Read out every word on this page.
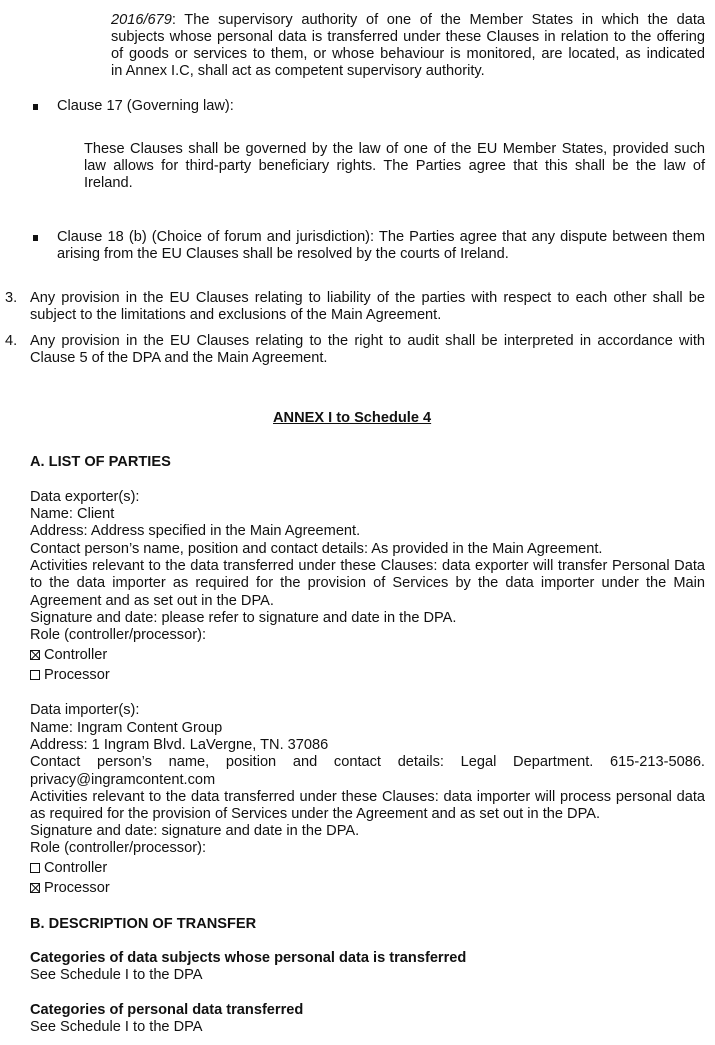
2016/679: The supervisory authority of one of the Member States in which the data
subjects whose personal data is transferred under these Clauses in relation to the offering
of goods or services to them, or whose behaviour is monitored, are located, as indicated
in Annex I.C, shall act as competent supervisory authority.
Clause 17 (Governing law):
These Clauses shall be governed by the law of one of the EU Member States, provided such
law allows for third-party beneficiary rights. The Parties agree that this shall be the law of
Ireland.
Clause 18 (b) (Choice of forum and jurisdiction): The Parties agree that any dispute between them
arising from the EU Clauses shall be resolved by the courts of Ireland.
3. Any provision in the EU Clauses relating to liability of the parties with respect to each other shall be
subject to the limitations and exclusions of the Main Agreement.
4. Any provision in the EU Clauses relating to the right to audit shall be interpreted in accordance with
Clause 5 of the DPA and the Main Agreement.
ANNEX I to Schedule 4
A. LIST OF PARTIES
Data exporter(s):
Name: Client
Address: Address specified in the Main Agreement.
Contact person’s name, position and contact details: As provided in the Main Agreement.
Activities relevant to the data transferred under these Clauses: data exporter will transfer Personal Data
to the data importer as required for the provision of Services by the data importer under the Main
Agreement and as set out in the DPA.
Signature and date: please refer to signature and date in the DPA.
Role (controller/processor):
Controller
Processor
Data importer(s):
Name: Ingram Content Group
Address: 1 Ingram Blvd. LaVergne, TN. 37086
Contact person’s name, position and contact details: Legal Department. 615-213-5086.
privacy@ingramcontent.com
Activities relevant to the data transferred under these Clauses: data importer will process personal data
as required for the provision of Services under the Agreement and as set out in the DPA.
Signature and date: signature and date in the DPA.
Role (controller/processor):
Controller
Processor
B. DESCRIPTION OF TRANSFER
Categories of data subjects whose personal data is transferred
See Schedule I to the DPA
Categories of personal data transferred
See Schedule I to the DPA
